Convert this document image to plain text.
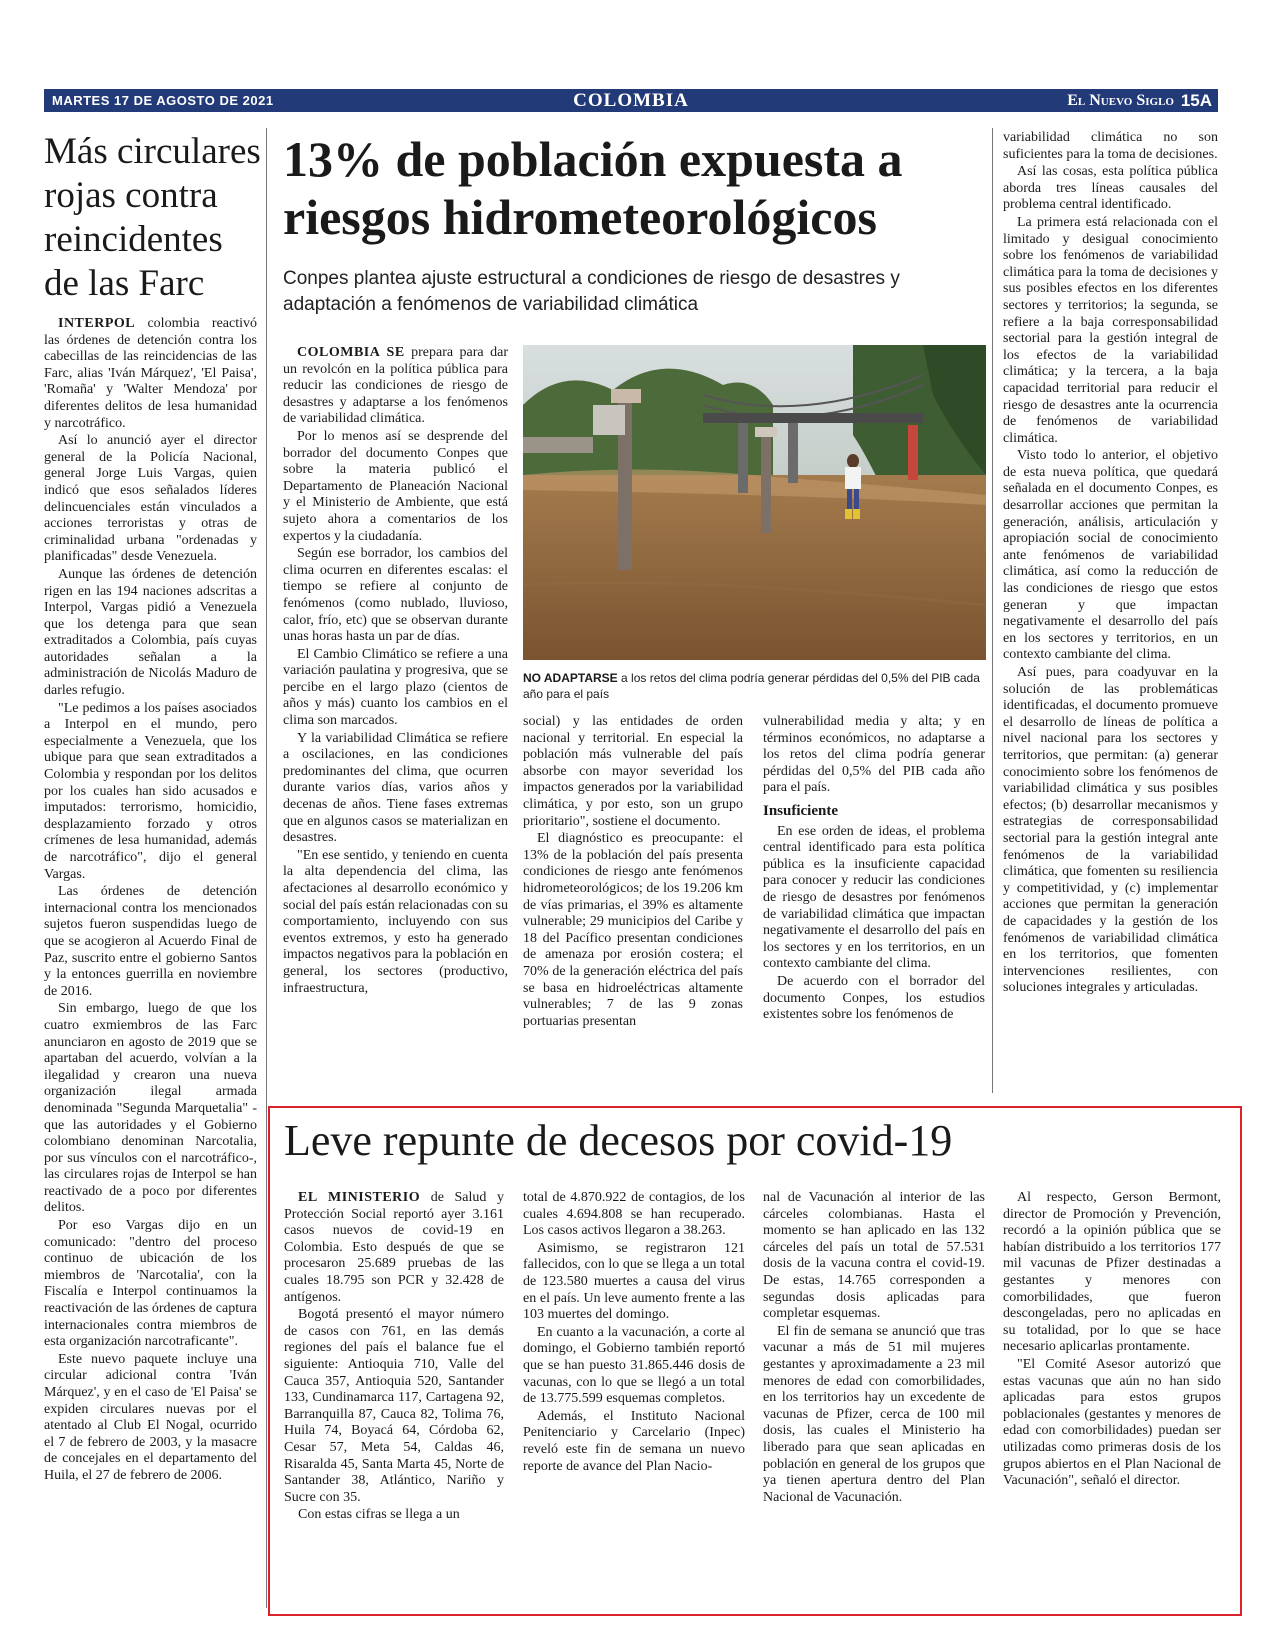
MARTES 17 DE AGOSTO DE 2021	COLOMBIA	El Nuevo Siglo 15A
Más circulares rojas contra reincidentes de las Farc

INTERPOL colombia reactivó las órdenes de detención contra los cabecillas de las reincidencias de las Farc, alias 'Iván Márquez', 'El Paisa', 'Romaña' y 'Walter Mendoza' por diferentes delitos de lesa humanidad y narcotráfico.

Así lo anunció ayer el director general de la Policía Nacional, general Jorge Luis Vargas, quien indicó que esos señalados líderes delincuenciales están vinculados a acciones terroristas y otras de criminalidad urbana "ordenadas y planificadas" desde Venezuela.

Aunque las órdenes de detención rigen en las 194 naciones adscritas a Interpol, Vargas pidió a Venezuela que los detenga para que sean extraditados a Colombia, país cuyas autoridades señalan a la administración de Nicolás Maduro de darles refugio.

"Le pedimos a los países asociados a Interpol en el mundo, pero especialmente a Venezuela, que los ubique para que sean extraditados a Colombia y respondan por los delitos por los cuales han sido acusados e imputados: terrorismo, homicidio, desplazamiento forzado y otros crímenes de lesa humanidad, además de narcotráfico", dijo el general Vargas.

Las órdenes de detención internacional contra los mencionados sujetos fueron suspendidas luego de que se acogieron al Acuerdo Final de Paz, suscrito entre el gobierno Santos y la entonces guerrilla en noviembre de 2016.

Sin embargo, luego de que los cuatro exmiembros de las Farc anunciaron en agosto de 2019 que se apartaban del acuerdo, volvían a la ilegalidad y crearon una nueva organización ilegal armada denominada "Segunda Marquetalia" -que las autoridades y el Gobierno colombiano denominan Narcotalia, por sus vínculos con el narcotráfico-, las circulares rojas de Interpol se han reactivado de a poco por diferentes delitos.

Por eso Vargas dijo en un comunicado: "dentro del proceso continuo de ubicación de los miembros de 'Narcotalia', con la Fiscalía e Interpol continuamos la reactivación de las órdenes de captura internacionales contra miembros de esta organización narcotraficante".

Este nuevo paquete incluye una circular adicional contra 'Iván Márquez', y en el caso de 'El Paisa' se expiden circulares nuevas por el atentado al Club El Nogal, ocurrido el 7 de febrero de 2003, y la masacre de concejales en el departamento del Huila, el 27 de febrero de 2006.

13% de población expuesta a riesgos hidrometeorológicos
Conpes plantea ajuste estructural a condiciones de riesgo de desastres y adaptación a fenómenos de variabilidad climática
NO ADAPTARSE a los retos del clima podría generar pérdidas del 0,5% del PIB cada año para el país

COLOMBIA SE prepara para dar un revolcón en la política pública para reducir las condiciones de riesgo de desastres y adaptarse a los fenómenos de variabilidad climática.

Por lo menos así se desprende del borrador del documento Conpes que sobre la materia publicó el Departamento de Planeación Nacional y el Ministerio de Ambiente, que está sujeto ahora a comentarios de los expertos y la ciudadanía.

Según ese borrador, los cambios del clima ocurren en diferentes escalas: el tiempo se refiere al conjunto de fenómenos (como nublado, lluvioso, calor, frío, etc) que se observan durante unas horas hasta un par de días.

El Cambio Climático se refiere a una variación paulatina y progresiva, que se percibe en el largo plazo (cientos de años y más) cuanto los cambios en el clima son marcados.

Y la variabilidad Climática se refiere a oscilaciones, en las condiciones predominantes del clima, que ocurren durante varios días, varios años y decenas de años. Tiene fases extremas que en algunos casos se materializan en desastres.

"En ese sentido, y teniendo en cuenta la alta dependencia del clima, las afectaciones al desarrollo económico y social del país están relacionadas con su comportamiento, incluyendo con sus eventos extremos, y esto ha generado impactos negativos para la población en general, los sectores (productivo, infraestructura,

social) y las entidades de orden nacional y territorial. En especial la población más vulnerable del país absorbe con mayor severidad los impactos generados por la variabilidad climática, y por esto, son un grupo prioritario", sostiene el documento.

El diagnóstico es preocupante: el 13% de la población del país presenta condiciones de riesgo ante fenómenos hidrometeorológicos; de los 19.206 km de vías primarias, el 39% es altamente vulnerable; 29 municipios del Caribe y 18 del Pacífico presentan condiciones de amenaza por erosión costera; el 70% de la generación eléctrica del país se basa en hidroeléctricas altamente vulnerables; 7 de las 9 zonas portuarias presentan

vulnerabilidad media y alta; y en términos económicos, no adaptarse a los retos del clima podría generar pérdidas del 0,5% del PIB cada año para el país.

Insuficiente

En ese orden de ideas, el problema central identificado para esta política pública es la insuficiente capacidad para conocer y reducir las condiciones de riesgo de desastres por fenómenos de variabilidad climática que impactan negativamente el desarrollo del país en los sectores y en los territorios, en un contexto cambiante del clima.

De acuerdo con el borrador del documento Conpes, los estudios existentes sobre los fenómenos de

variabilidad climática no son suficientes para la toma de decisiones.

Así las cosas, esta política pública aborda tres líneas causales del problema central identificado.

La primera está relacionada con el limitado y desigual conocimiento sobre los fenómenos de variabilidad climática para la toma de decisiones y sus posibles efectos en los diferentes sectores y territorios; la segunda, se refiere a la baja corresponsabilidad sectorial para la gestión integral de los efectos de la variabilidad climática; y la tercera, a la baja capacidad territorial para reducir el riesgo de desastres ante la ocurrencia de fenómenos de variabilidad climática.

Visto todo lo anterior, el objetivo de esta nueva política, que quedará señalada en el documento Conpes, es desarrollar acciones que permitan la generación, análisis, articulación y apropiación social de conocimiento ante fenómenos de variabilidad climática, así como la reducción de las condiciones de riesgo que estos generan y que impactan negativamente el desarrollo del país en los sectores y territorios, en un contexto cambiante del clima.

Así pues, para coadyuvar en la solución de las problemáticas identificadas, el documento promueve el desarrollo de líneas de política a nivel nacional para los sectores y territorios, que permitan: (a) generar conocimiento sobre los fenómenos de variabilidad climática y sus posibles efectos; (b) desarrollar mecanismos y estrategias de corresponsabilidad sectorial para la gestión integral ante fenómenos de la variabilidad climática, que fomenten su resiliencia y competitividad, y (c) implementar acciones que permitan la generación de capacidades y la gestión de los fenómenos de variabilidad climática en los territorios, que fomenten intervenciones resilientes, con soluciones integrales y articuladas.

Leve repunte de decesos por covid-19

EL MINISTERIO de Salud y Protección Social reportó ayer 3.161 casos nuevos de covid-19 en Colombia. Esto después de que se procesaron 25.689 pruebas de las cuales 18.795 son PCR y 32.428 de antígenos.

Bogotá presentó el mayor número de casos con 761, en las demás regiones del país el balance fue el siguiente: Antioquia 710, Valle del Cauca 357, Antioquia 520, Santander 133, Cundinamarca 117, Cartagena 92, Barranquilla 87, Cauca 82, Tolima 76, Huila 74, Boyacá 64, Córdoba 62, Cesar 57, Meta 54, Caldas 46, Risaralda 45, Santa Marta 45, Norte de Santander 38, Atlántico, Nariño y Sucre con 35.

Con estas cifras se llega a un

total de 4.870.922 de contagios, de los cuales 4.694.808 se han recuperado. Los casos activos llegaron a 38.263.

Asimismo, se registraron 121 fallecidos, con lo que se llega a un total de 123.580 muertes a causa del virus en el país. Un leve aumento frente a las 103 muertes del domingo.

En cuanto a la vacunación, a corte al domingo, el Gobierno también reportó que se han puesto 31.865.446 dosis de vacunas, con lo que se llegó a un total de 13.775.599 esquemas completos.

Además, el Instituto Nacional Penitenciario y Carcelario (Inpec) reveló este fin de semana un nuevo reporte de avance del Plan Nacio-

nal de Vacunación al interior de las cárceles colombianas. Hasta el momento se han aplicado en las 132 cárceles del país un total de 57.531 dosis de la vacuna contra el covid-19. De estas, 14.765 corresponden a segundas dosis aplicadas para completar esquemas.

El fin de semana se anunció que tras vacunar a más de 51 mil mujeres gestantes y aproximadamente a 23 mil menores de edad con comorbilidades, en los territorios hay un excedente de vacunas de Pfizer, cerca de 100 mil dosis, las cuales el Ministerio ha liberado para que sean aplicadas en población en general de los grupos que ya tienen apertura dentro del Plan Nacional de Vacunación.

Al respecto, Gerson Bermont, director de Promoción y Prevención, recordó a la opinión pública que se habían distribuido a los territorios 177 mil vacunas de Pfizer destinadas a gestantes y menores con comorbilidades, que fueron descongeladas, pero no aplicadas en su totalidad, por lo que se hace necesario aplicarlas prontamente.

"El Comité Asesor autorizó que estas vacunas que aún no han sido aplicadas para estos grupos poblacionales (gestantes y menores de edad con comorbilidades) puedan ser utilizadas como primeras dosis de los grupos abiertos en el Plan Nacional de Vacunación", señaló el director.
